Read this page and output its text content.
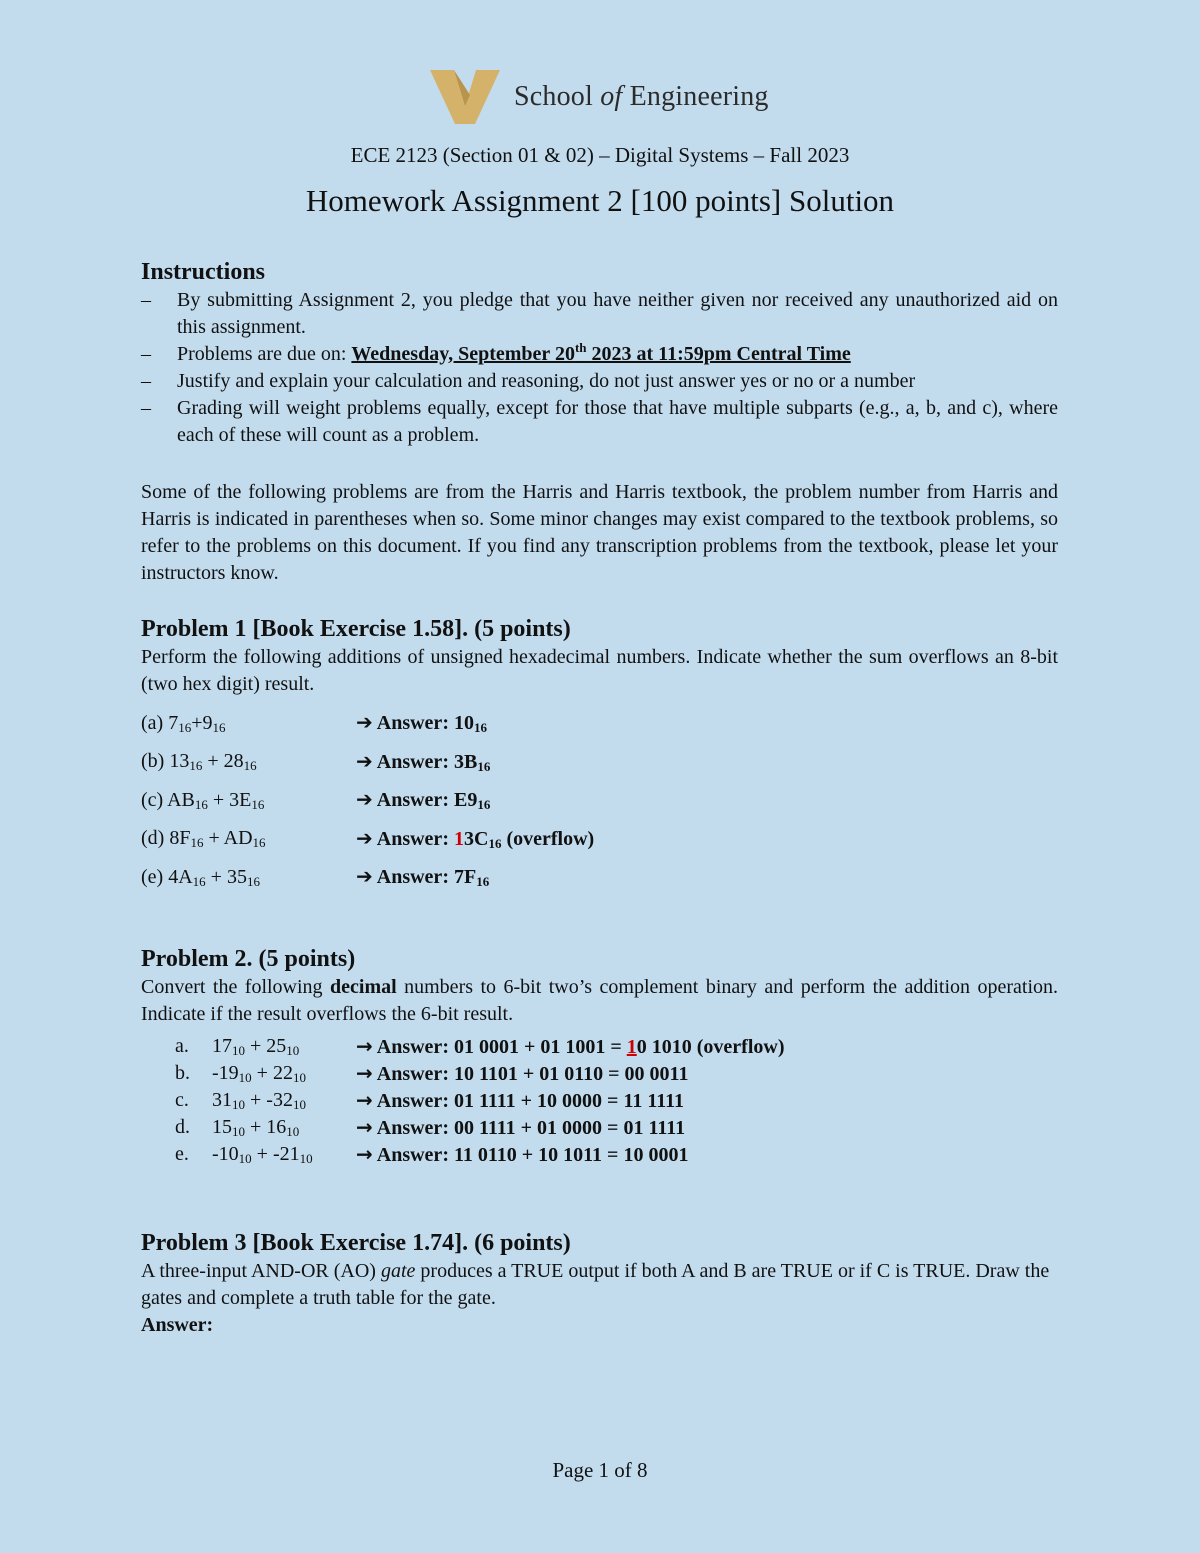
School of Engineering
ECE 2123 (Section 01 & 02) – Digital Systems – Fall 2023
Homework Assignment 2 [100 points] Solution
Instructions
– By submitting Assignment 2, you pledge that you have neither given nor received any unauthorized aid on this assignment.
– Problems are due on: Wednesday, September 20th 2023 at 11:59pm Central Time
– Justify and explain your calculation and reasoning, do not just answer yes or no or a number
– Grading will weight problems equally, except for those that have multiple subparts (e.g., a, b, and c), where each of these will count as a problem.
Some of the following problems are from the Harris and Harris textbook, the problem number from Harris and Harris is indicated in parentheses when so. Some minor changes may exist compared to the textbook problems, so refer to the problems on this document. If you find any transcription problems from the textbook, please let your instructors know.
Problem 1 [Book Exercise 1.58]. (5 points)
Perform the following additions of unsigned hexadecimal numbers. Indicate whether the sum overflows an 8-bit (two hex digit) result.
(a) $7_{16}+9_{16}$	➔ Answer: $10_{16}$
(b) $13_{16} + 28_{16}$	➔ Answer: $3B_{16}$
(c) $AB_{16} + 3E_{16}$	➔ Answer: $E9_{16}$
(d) $8F_{16} + AD_{16}$	➔ Answer: $13C_{16}$ (overflow)
(e) $4A_{16} + 35_{16}$	➔ Answer: $7F_{16}$
Problem 2. (5 points)
Convert the following decimal numbers to 6-bit two’s complement binary and perform the addition operation. Indicate if the result overflows the 6-bit result.
a.	$17_{10} + 25_{10}$	→ Answer: 01 0001 + 01 1001 = 10 1010 (overflow)
b.	$-19_{10} + 22_{10}$	→ Answer: 10 1101 + 01 0110 = 00 0011
c.	$31_{10} + -32_{10}$	→ Answer: 01 1111 + 10 0000 = 11 1111
d.	$15_{10} + 16_{10}$	→ Answer: 00 1111 + 01 0000 = 01 1111
e.	$-10_{10} + -21_{10}$	→ Answer: 11 0110 + 10 1011 = 10 0001
Problem 3 [Book Exercise 1.74]. (6 points)
A three-input AND-OR (AO) gate produces a TRUE output if both A and B are TRUE or if C is TRUE. Draw the gates and complete a truth table for the gate.
Answer:
Page 1 of 8
